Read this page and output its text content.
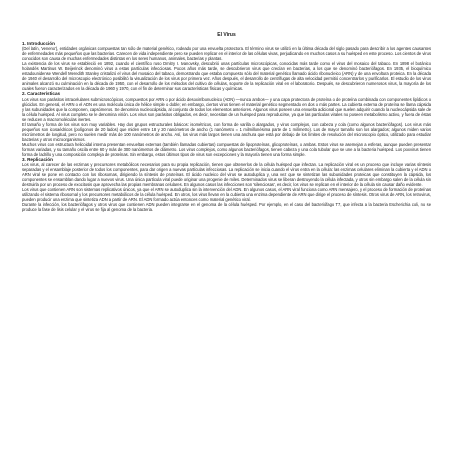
El Virus
1. Introducción

(Del latín, 'veneno'), entidades orgánicas compuestas tan sólo de material genético, rodeado por una envuelta protectora. El término virus se utilizó en la última década del siglo pasado para describir a los agentes causantes de enfermedades más pequeños que las bacterias. Carecen de vida independiente pero se pueden replicar en el interior de las células vivas, perjudicando en muchos casos a su huésped en este proceso. Los cientos de virus conocidos son causa de muchas enfermedades distintas en los seres humanos, animales, bacterias y plantas.

La existencia de los virus se estableció en 1892, cuando el científico ruso Dmitry I. Ivanovsky, descubrió unas partículas microscópicas, conocidas más tarde como el virus del mosaico del tabaco. En 1898 el botánico holandés Martinus W. Beijerinck denominó virus a estas partículas infecciosas. Pocos años más tarde, se descubrieron virus que crecían en bacterias, a los que se denominó bacteriófagos. En 1935, el bioquímico estadounidense Wendell Meredith Stanley cristalizó el virus del mosaico del tabaco, demostrando que estaba compuesto sólo del material genético llamado ácido ribonucleico (ARN) y de una envoltura proteica. En la década de 1940 el desarrollo del microscopio electrónico posibilitó la visualización de los virus por primera vez. Años después, el desarrollo de centrífugas de alta velocidad permitió concentrarlos y purificarlos. El estudio de los virus animales alcanzó su culminación en la década de 1950, con el desarrollo de los métodos del cultivo de células, soporte de la replicación viral en el laboratorio. Después, se descubrieron numerosos virus, la mayoría de los cuales fueron caracterizados en la década de 1960 y 1970, con el fin de determinar sus características físicas y químicas.

2. Características

Los virus son parásitos intracelulares submicroscópicos, compuestos por ARN o por ácido desoxirribonucleico (ADN) —nunca ambos— y una capa protectora de proteína o de proteína combinada con componentes lipídicos o glúcidos. En general, el ARN o el ADN es una molécula única de hélice simple o doble; en embargo, ciertos virus tienen el material genético segmentado en dos o más partes. La cubierta externa de proteína se llama cápsida y las subunidades que la componen, capsómeros. Se denomina nucleocápsida, al conjunto de todos los elementos anteriores. Algunos virus poseen una envuelta adicional que suelen adquirir cuando la nucleocápsida sale de la célula huésped. Al virus completo se le denomina virión. Los virus son parásitos obligados, es decir, necesitan de un huésped para reproducirse, ya que las partículas virales no poseen metabolismo activo, y fuera de éstas se reducen a macromoléculas inertes.

El tamaño y forma de los virus son muy variables. Hay dos grupos estructurales básicos: isométricos, con forma de varilla o alargados, y virus complejos, con cabeza y cola (como algunos bacteriófagos). Los virus más pequeños son icosaédricos (polígonos de 20 lados) que miden entre 18 y 20 nanómetros de ancho (1 nanómetro = 1 milmillonésima parte de 1 milímetro). Los de mayor tamaño son los alargados; algunos miden varios micrómetros de longitud, pero no suelen medir más de 100 nanómetros de ancho. Así, los virus más largos tienen una anchura que está por debajo de los límites de resolución del microscopio óptico, utilizado para estudiar bacterias y otros microorganismos.

Muchos virus con estructura helicoidal interna presentan envueltas externas (también llamadas cubiertas) compuestas de lipoproteínas, glicoproteínas, o ambas. Estos virus se asemejan a esferas, aunque pueden presentar formas variadas, y su tamaño oscila entre 60 y más de 300 nanómetros de diámetro. Los virus complejos, como algunos bacteriófagos, tienen cabeza y una cola tubular que se une a la bacteria huésped. Los poxvirus tienen forma de ladrillo y una composición compleja de proteínas. Sin embargo, estos últimos tipos de virus son excepciones y la mayoría tienen una forma simple.

3. Replicación

Los virus, al carecer de las enzimas y precursores metabólicos necesarios para su propia replicación, tienen que obtenerlos de la célula huésped que infectan. La replicación viral es un proceso que incluye varias síntesis separadas y el ensamblaje posterior de todos los componentes, para dar origen a nuevas partículas infecciosas. La replicación se inicia cuando el virus entra en la célula: las enzimas celulares eliminan la cubierta y el ADN o ARN viral se pone en contacto con los ribosomas, dirigiendo la síntesis de proteínas. El ácido nucleico del virus se autoduplica y, una vez que se sintetizan las subunidades proteicas que constituyen la cápsida, los componentes se ensamblan dando lugar a nuevos virus. Una única partícula viral puede originar una progenie de miles. Determinados virus se liberan destruyendo la célula infectada, y otros sin embargo salen de la célula sin destruirla por un proceso de exocitosis que aprovecha las propias membranas celulares. En algunos casos las infecciones son 'silenciosas', es decir, los virus se replican en el interior de la célula sin causar daño evidente.

Los virus que contienen ARN son sistemas replicativos únicos, ya que el ARN se autoduplica sin la intervención del ADN. En algunos casos, el ARN viral funciona como ARN mensajero, y el proceso de formación de proteínas utilizando el sistema ribosomal y los precursores metabólicos de la célula huésped. En otros, los virus llevan en la cubierta una enzima dependiente de ARN que dirige el proceso de síntesis. Otros virus de ARN, los retrovirus, pueden producir una enzima que sintetiza ADN a partir de ARN. El ADN formado actúa entonces como material genético viral.

Durante la infección, los bacteriófagos y otros virus que contienen ADN pueden integrarse en el genoma de la célula huésped. Por ejemplo, en el caso del bacteriófago T7, que infecta a la bacteria Escherichia coli, no se produce la fase de lisis celular y el virus se fija al genoma de la bacteria.
